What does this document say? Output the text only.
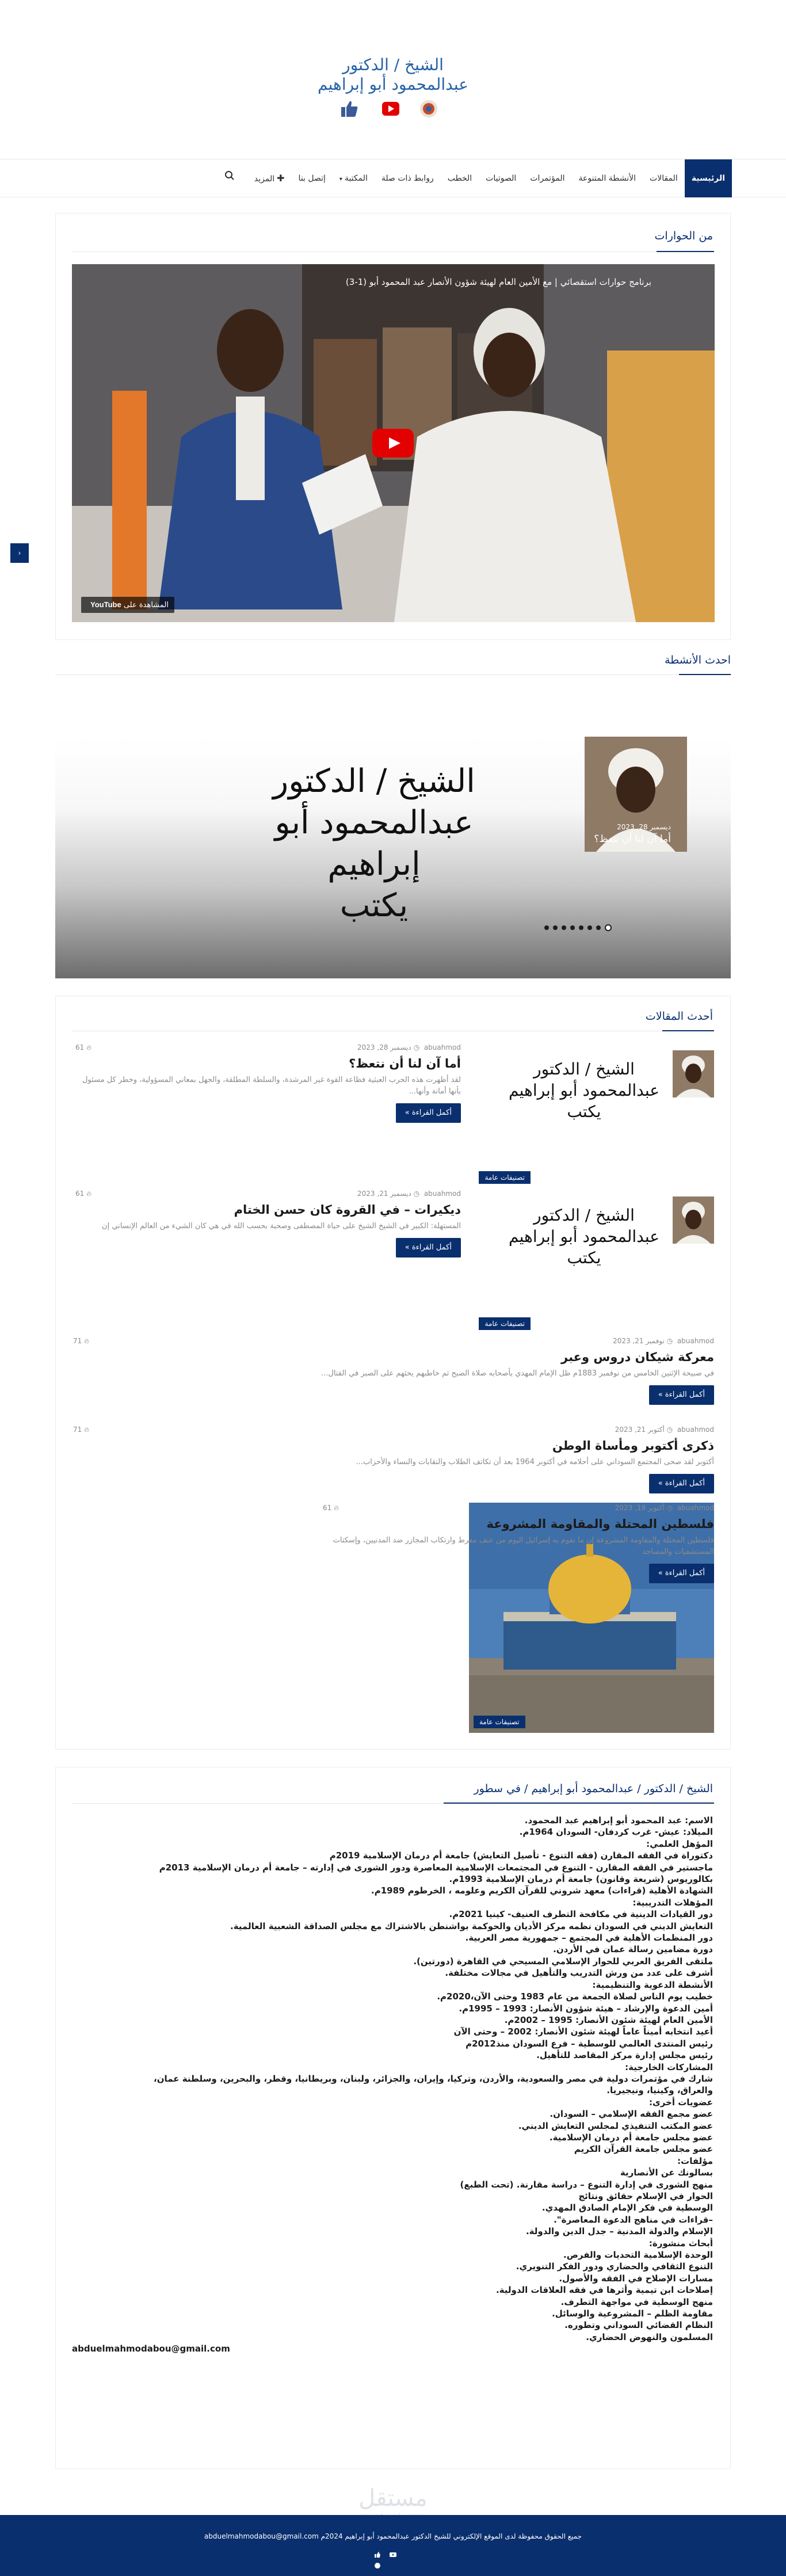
الشيخ / الدكتور
عبدالمحمود أبو إبراهيم
الرئيسية
المقالات
الأنشطة المتنوعة
المؤتمرات
الصوتيات
الخطب
روابط ذات صلة
المكتبة▾
إتصل بنا
✚المزيد
من الحوارات
برنامج حوارات استقصائي | مع الأمين العام لهيئة شؤون الأنصار عبد المحمود أبو (1-3)
المشاهدة على YouTube
‹
احدث الأنشطة
الشيخ / الدكتور
عبدالمحمود أبو إبراهيم
يكتب
ديسمبر 28, 2023
أما آن لنا أن نتعظ؟
أحدث المقالات
الشيخ / الدكتور
عبدالمحمود أبو إبراهيم
يكتب
تصنيفات عامة
abuahmod  ◷ ديسمبر 28, 2023
61 🔥︎
أما آن لنا أن نتعظ؟
لقد أظهرت هذه الحرب العبثية فظاعة القوة غير المرشدة، والسلطة المطلقة، والجهل بمعاني المسؤولية، وخطر كل مسئول بأنها أمانة وأنها...
أكمل القراءة »
الشيخ / الدكتور
عبدالمحمود أبو إبراهيم
يكتب
تصنيفات عامة
abuahmod  ◷ ديسمبر 21, 2023
61 🔥︎
ديكيرات – في القروة كان حسن الختام
المستهلة: الكبير في الشيخ الشيخ على حياة المصطفى وصحبة بحسب الله في هي كان الشيء من العالم الإنساني إن
أكمل القراءة »
abuahmod  ◷ نوفمبر 21, 2023
71 🔥︎
معركة شيكان دروس وعبر
في صبيحة الإثنين الخامس من نوفمبر 1883م ظل الإمام المهدي بأصحابه صلاة الصبح ثم خاطبهم يحثهم على الصبر في القتال...
أكمل القراءة »
abuahmod  ◷ أكتوبر 21, 2023
71 🔥︎
ذكرى أكتوبر ومأساة الوطن
أكتوبر لقد صحى المجتمع السوداني على أحلامه في أكتوبر 1964 بعد أن تكاتف الطلاب والنقابات والنساء والأحزاب...
أكمل القراءة »
تصنيفات عامة
abuahmod  ◷ أكتوبر 19, 2023
61 🔥︎
فلسطين المحتلة والمقاومة المشروعة
فلسطين المحتلة والمقاومة المشروعة إن ما تقوم به إسرائيل اليوم من عنف مفرط وارتكاب المجازر ضد المدنيين، وإسكتات المستشفيات والمساجد
أكمل القراءة »
الشيخ / الدكتور / عبدالمحمود أبو إبراهيم / في سطور

الاسم: عبد المحمود أبو إبراهيم عبد المحمود.

الميلاد: عيش- غرب كردفان- السودان 1964م.

المؤهل العلمي:

دكتوراة في الفقه المقارن (فقه التنوع - تأصيل التعايش) جامعة أم درمان الإسلامية 2019م

ماجستير في الفقه المقارن - التنوع في المجتمعات الإسلامية المعاصرة ودور الشورى في إدارته – جامعة أم درمان الإسلامية 2013م

بكالوريوس (شريعة وقانون) جامعة أم درمان الإسلامية 1993م.

الشهادة الأهلية (قراءات) معهد شروني للقرآن الكريم وعلومه ، الخرطوم 1989م.

المؤهلات التدريبية:

دور القيادات الدينية في مكافحة التطرف العنيف- كينيا 2021م.

التعايش الديني في السودان نظمه مركز الأديان والحوكمة بواشنطن بالاشتراك مع مجلس الصداقة الشعبية العالمية.

دور المنظمات الأهلية في المجتمع – جمهورية مصر العربية.

دورة مضامين رسالة عمان في الأردن.

ملتقى الفريق العربي للحوار الإسلامي المسيحي في القاهرة (دورتين).

أشرف على عدد من ورش التدريب والتأهيل في مجالات مختلفة.

الأنشطة الدعوية والتنظيمية:

خطيب يوم الناس لصلاة الجمعة من عام 1983 وحتى الآن،2020م.

أمين الدعوة والإرشاد – هيئة شؤون الأنصار: 1993 – 1995م.

الأمين العام لهيئة شئون الأنصار: 1995 – 2002م.

أعيد انتخابه أميناً عاماً لهيئة شئون الأنصار: 2002 – وحتى الآن

رئيس المنتدى العالمي للوسطية – فرع السودان منذ2012م

رئيس مجلس إدارة مركز المقاصد للتأهيل.

المشاركات الخارجية:

شارك في مؤتمرات دولية في مصر والسعودية، والأردن، وتركيا، وإيران، والجزائر، ولبنان، وبريطانيا، وقطر، والبحرين، وسلطنة عمان،

والعراق، وكينيا، ونيجيريا.

عضويات أخرى:

عضو مجمع الفقه الإسلامي – السودان.

عضو المكتب التنفيذي لمجلس التعايش الديني.

عضو مجلس جامعة أم درمان الإسلامية.

عضو مجلس جامعة القرآن الكريم

مؤلفات:

بسالونك عن الأنصارية

منهج الشورى في إدارة التنوع – دراسة مقارنة. (تحت الطبع)

الحوار في الإسلام حقائق ونتائج

الوسطية في فكر الإمام الصادق المهدي.

–قراءات في مناهج الدعوة المعاصرة".

الإسلام والدولة المدنية – جدل الدين والدولة.

أبحاث منشورة:

الوحدة الإسلامية التحديات والفرص.

التنوع الثقافي والحضاري ودور الفكر التنويري.

مسارات الإصلاح في الفقه والأصول.

إصلاحات ابن تيمية وأثرها في فقه العلاقات الدولية.

منهج الوسطية في مواجهة التطرف.

مقاومة الظلم – المشروعية والوسائل.

النظام القضائي السوداني وتطوره.

المسلمون والنهوض الحضاري.

abduelmahmodabou@gmail.com

مستقل
جميع الحقوق محفوظة لدى الموقع الإلكتروني للشيخ الدكتور عبدالمحمود أبو إبراهيم 2024م abduelmahmodabou@gmail.com
